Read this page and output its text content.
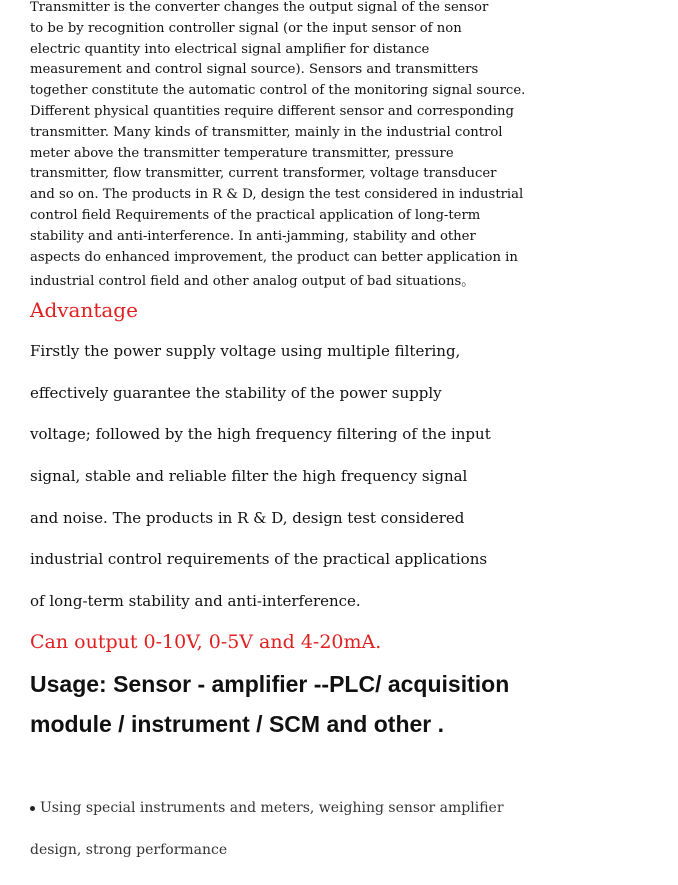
Transmitter is the converter changes the output signal of the sensor
to be by recognition controller signal (or the input sensor of non
electric quantity into electrical signal amplifier for distance
measurement and control signal source). Sensors and transmitters
together constitute the automatic control of the monitoring signal source.
Different physical quantities require different sensor and corresponding
transmitter. Many kinds of transmitter, mainly in the industrial control
meter above the transmitter temperature transmitter, pressure
transmitter, flow transmitter, current transformer, voltage transducer
and so on. The products in R & D, design the test considered in industrial
control field Requirements of the practical application of long-term
stability and anti-interference. In anti-jamming, stability and other
aspects do enhanced improvement, the product can better application in
industrial control field and other analog output of bad situations。
Advantage
Firstly the power supply voltage using multiple filtering,
effectively guarantee the stability of the power supply
voltage; followed by the high frequency filtering of the input
signal, stable and reliable filter the high frequency signal
and noise. The products in R & D, design test considered
industrial control requirements of the practical applications
of long-term stability and anti-interference.
Can output 0-10V, 0-5V and 4-20mA.
Usage: Sensor - amplifier --PLC/ acquisition
module / instrument / SCM and other .
Using special instruments and meters, weighing sensor amplifier
design, strong performance
